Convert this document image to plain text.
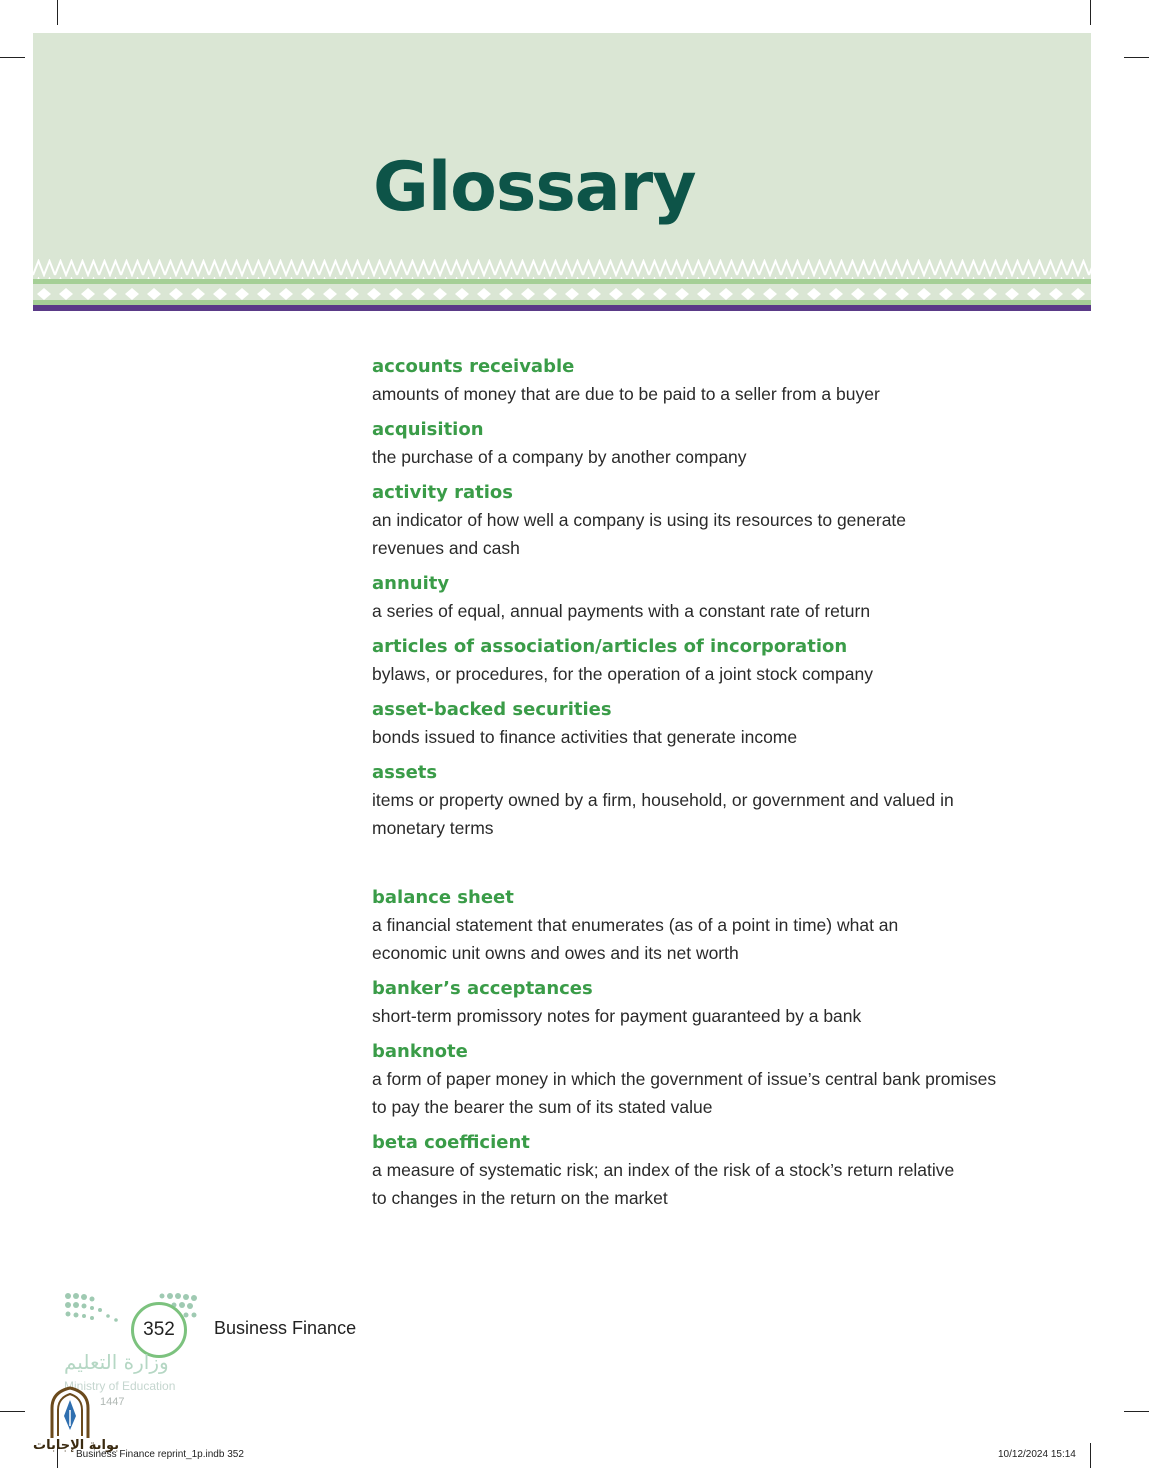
Glossary
accounts receivable
amounts of money that are due to be paid to a seller from a buyer
acquisition
the purchase of a company by another company
activity ratios
an indicator of how well a company is using its resources to generate revenues and cash
annuity
a series of equal, annual payments with a constant rate of return
articles of association/articles of incorporation
bylaws, or procedures, for the operation of a joint stock company
asset-backed securities
bonds issued to finance activities that generate income
assets
items or property owned by a firm, household, or government and valued in monetary terms
balance sheet
a financial statement that enumerates (as of a point in time) what an economic unit owns and owes and its net worth
banker’s acceptances
short-term promissory notes for payment guaranteed by a bank
banknote
a form of paper money in which the government of issue’s central bank promises to pay the bearer the sum of its stated value
beta coefficient
a measure of systematic risk; an index of the risk of a stock’s return relative to changes in the return on the market
352 Business Finance
وزارة التعليم
Ministry of Education
1447
بوابة الإجابات
Business Finance reprint_1p.indb 352	10/12/2024 15:14
